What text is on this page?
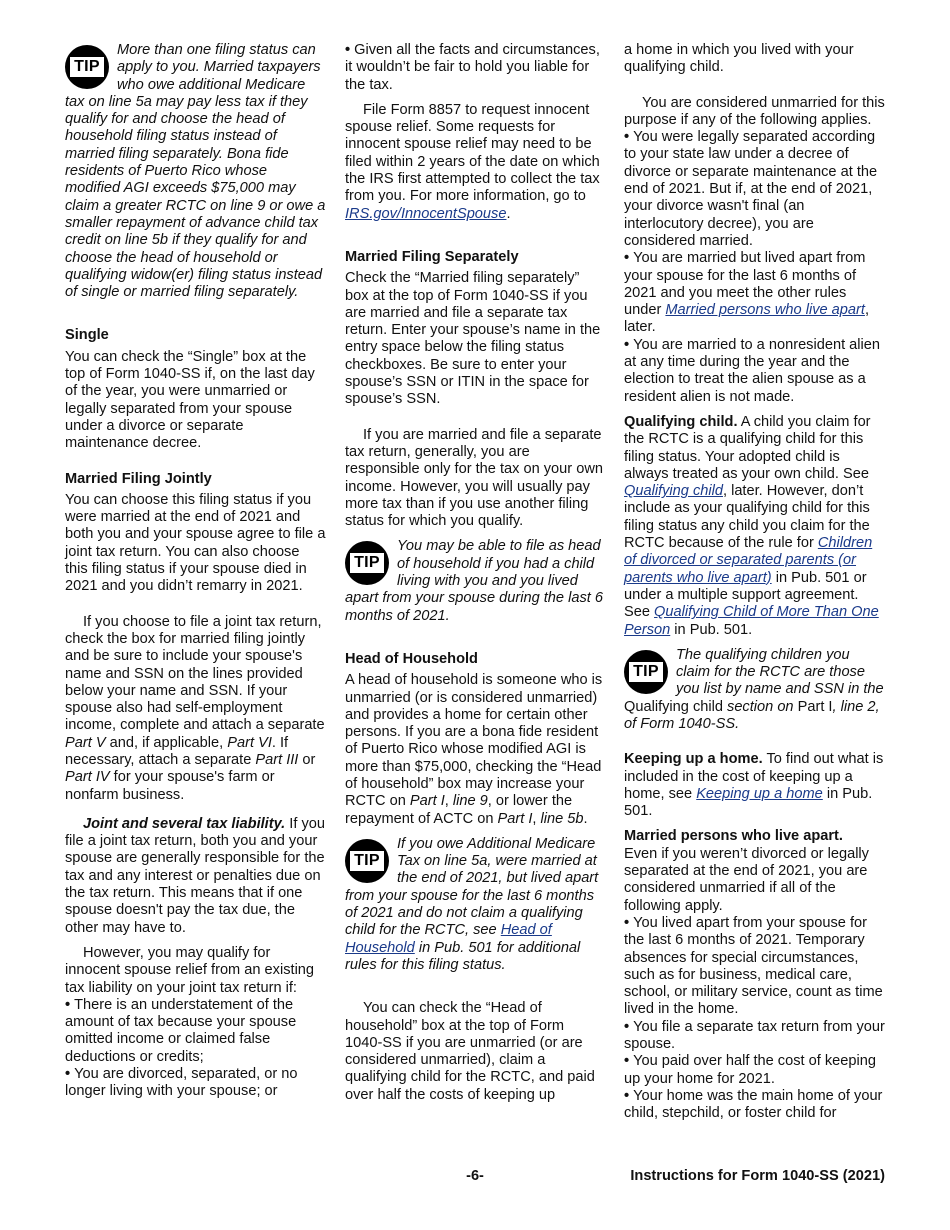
TIP
More than one filing status can apply to you. Married taxpayers who owe additional Medicare tax on line 5a may pay less tax if they qualify for and choose the head of household filing status instead of married filing separately. Bona fide residents of Puerto Rico whose modified AGI exceeds $75,000 may claim a greater RCTC on line 9 or owe a smaller repayment of advance child tax credit on line 5b if they qualify for and choose the head of household or qualifying widow(er) filing status instead of single or married filing separately.

Single

You can check the “Single” box at the top of Form 1040-SS if, on the last day of the year, you were unmarried or legally separated from your spouse under a divorce or separate maintenance decree.

Married Filing Jointly

You can choose this filing status if you were married at the end of 2021 and both you and your spouse agree to file a joint tax return. You can also choose this filing status if your spouse died in 2021 and you didn’t remarry in 2021.

If you choose to file a joint tax return, check the box for married filing jointly and be sure to include your spouse's name and SSN on the lines provided below your name and SSN. If your spouse also had self-employment income, complete and attach a separate Part V and, if applicable, Part VI. If necessary, attach a separate Part III or Part IV for your spouse's farm or nonfarm business.

Joint and several tax liability. If you file a joint tax return, both you and your spouse are generally responsible for the tax and any interest or penalties due on the tax return. This means that if one spouse doesn't pay the tax due, the other may have to.

However, you may qualify for innocent spouse relief from an existing tax liability on your joint tax return if:

• There is an understatement of the amount of tax because your spouse omitted income or claimed false deductions or credits;

• You are divorced, separated, or no longer living with your spouse; or

• Given all the facts and circumstances, it wouldn’t be fair to hold you liable for the tax.

File Form 8857 to request innocent spouse relief. Some requests for innocent spouse relief may need to be filed within 2 years of the date on which the IRS first attempted to collect the tax from you. For more information, go to IRS.gov/InnocentSpouse.

Married Filing Separately

Check the “Married filing separately” box at the top of Form 1040-SS if you are married and file a separate tax return. Enter your spouse’s name in the entry space below the filing status checkboxes. Be sure to enter your spouse’s SSN or ITIN in the space for spouse’s SSN.

If you are married and file a separate tax return, generally, you are responsible only for the tax on your own income. However, you will usually pay more tax than if you use another filing status for which you qualify.

TIP
You may be able to file as head of household if you had a child living with you and you lived apart from your spouse during the last 6 months of 2021.

Head of Household

A head of household is someone who is unmarried (or is considered unmarried) and provides a home for certain other persons. If you are a bona fide resident of Puerto Rico whose modified AGI is more than $75,000, checking the “Head of household” box may increase your RCTC on Part I, line 9, or lower the repayment of ACTC on Part I, line 5b.

TIP
If you owe Additional Medicare Tax on line 5a, were married at the end of 2021, but lived apart from your spouse for the last 6 months of 2021 and do not claim a qualifying child for the RCTC, see Head of Household in Pub. 501 for additional rules for this filing status.

You can check the “Head of household” box at the top of Form 1040-SS if you are unmarried (or are considered unmarried), claim a qualifying child for the RCTC, and paid over half the costs of keeping up

a home in which you lived with your qualifying child.

You are considered unmarried for this purpose if any of the following applies.

• You were legally separated according to your state law under a decree of divorce or separate maintenance at the end of 2021. But if, at the end of 2021, your divorce wasn't final (an interlocutory decree), you are considered married.

• You are married but lived apart from your spouse for the last 6 months of 2021 and you meet the other rules under Married persons who live apart, later.

• You are married to a nonresident alien at any time during the year and the election to treat the alien spouse as a resident alien is not made.

Qualifying child. A child you claim for the RCTC is a qualifying child for this filing status. Your adopted child is always treated as your own child. See Qualifying child, later. However, don’t include as your qualifying child for this filing status any child you claim for the RCTC because of the rule for Children of divorced or separated parents (or parents who live apart) in Pub. 501 or under a multiple support agreement. See Qualifying Child of More Than One Person in Pub. 501.

TIP
The qualifying children you claim for the RCTC are those you list by name and SSN in the Qualifying child section on Part I, line 2, of Form 1040-SS.

Keeping up a home. To find out what is included in the cost of keeping up a home, see Keeping up a home in Pub. 501.

Married persons who live apart.

Even if you weren’t divorced or legally separated at the end of 2021, you are considered unmarried if all of the following apply.

• You lived apart from your spouse for the last 6 months of 2021. Temporary absences for special circumstances, such as for business, medical care, school, or military service, count as time lived in the home.

• You file a separate tax return from your spouse.

• You paid over half the cost of keeping up your home for 2021.

• Your home was the main home of your child, stepchild, or foster child for

-6-	Instructions for Form 1040-SS (2021)
